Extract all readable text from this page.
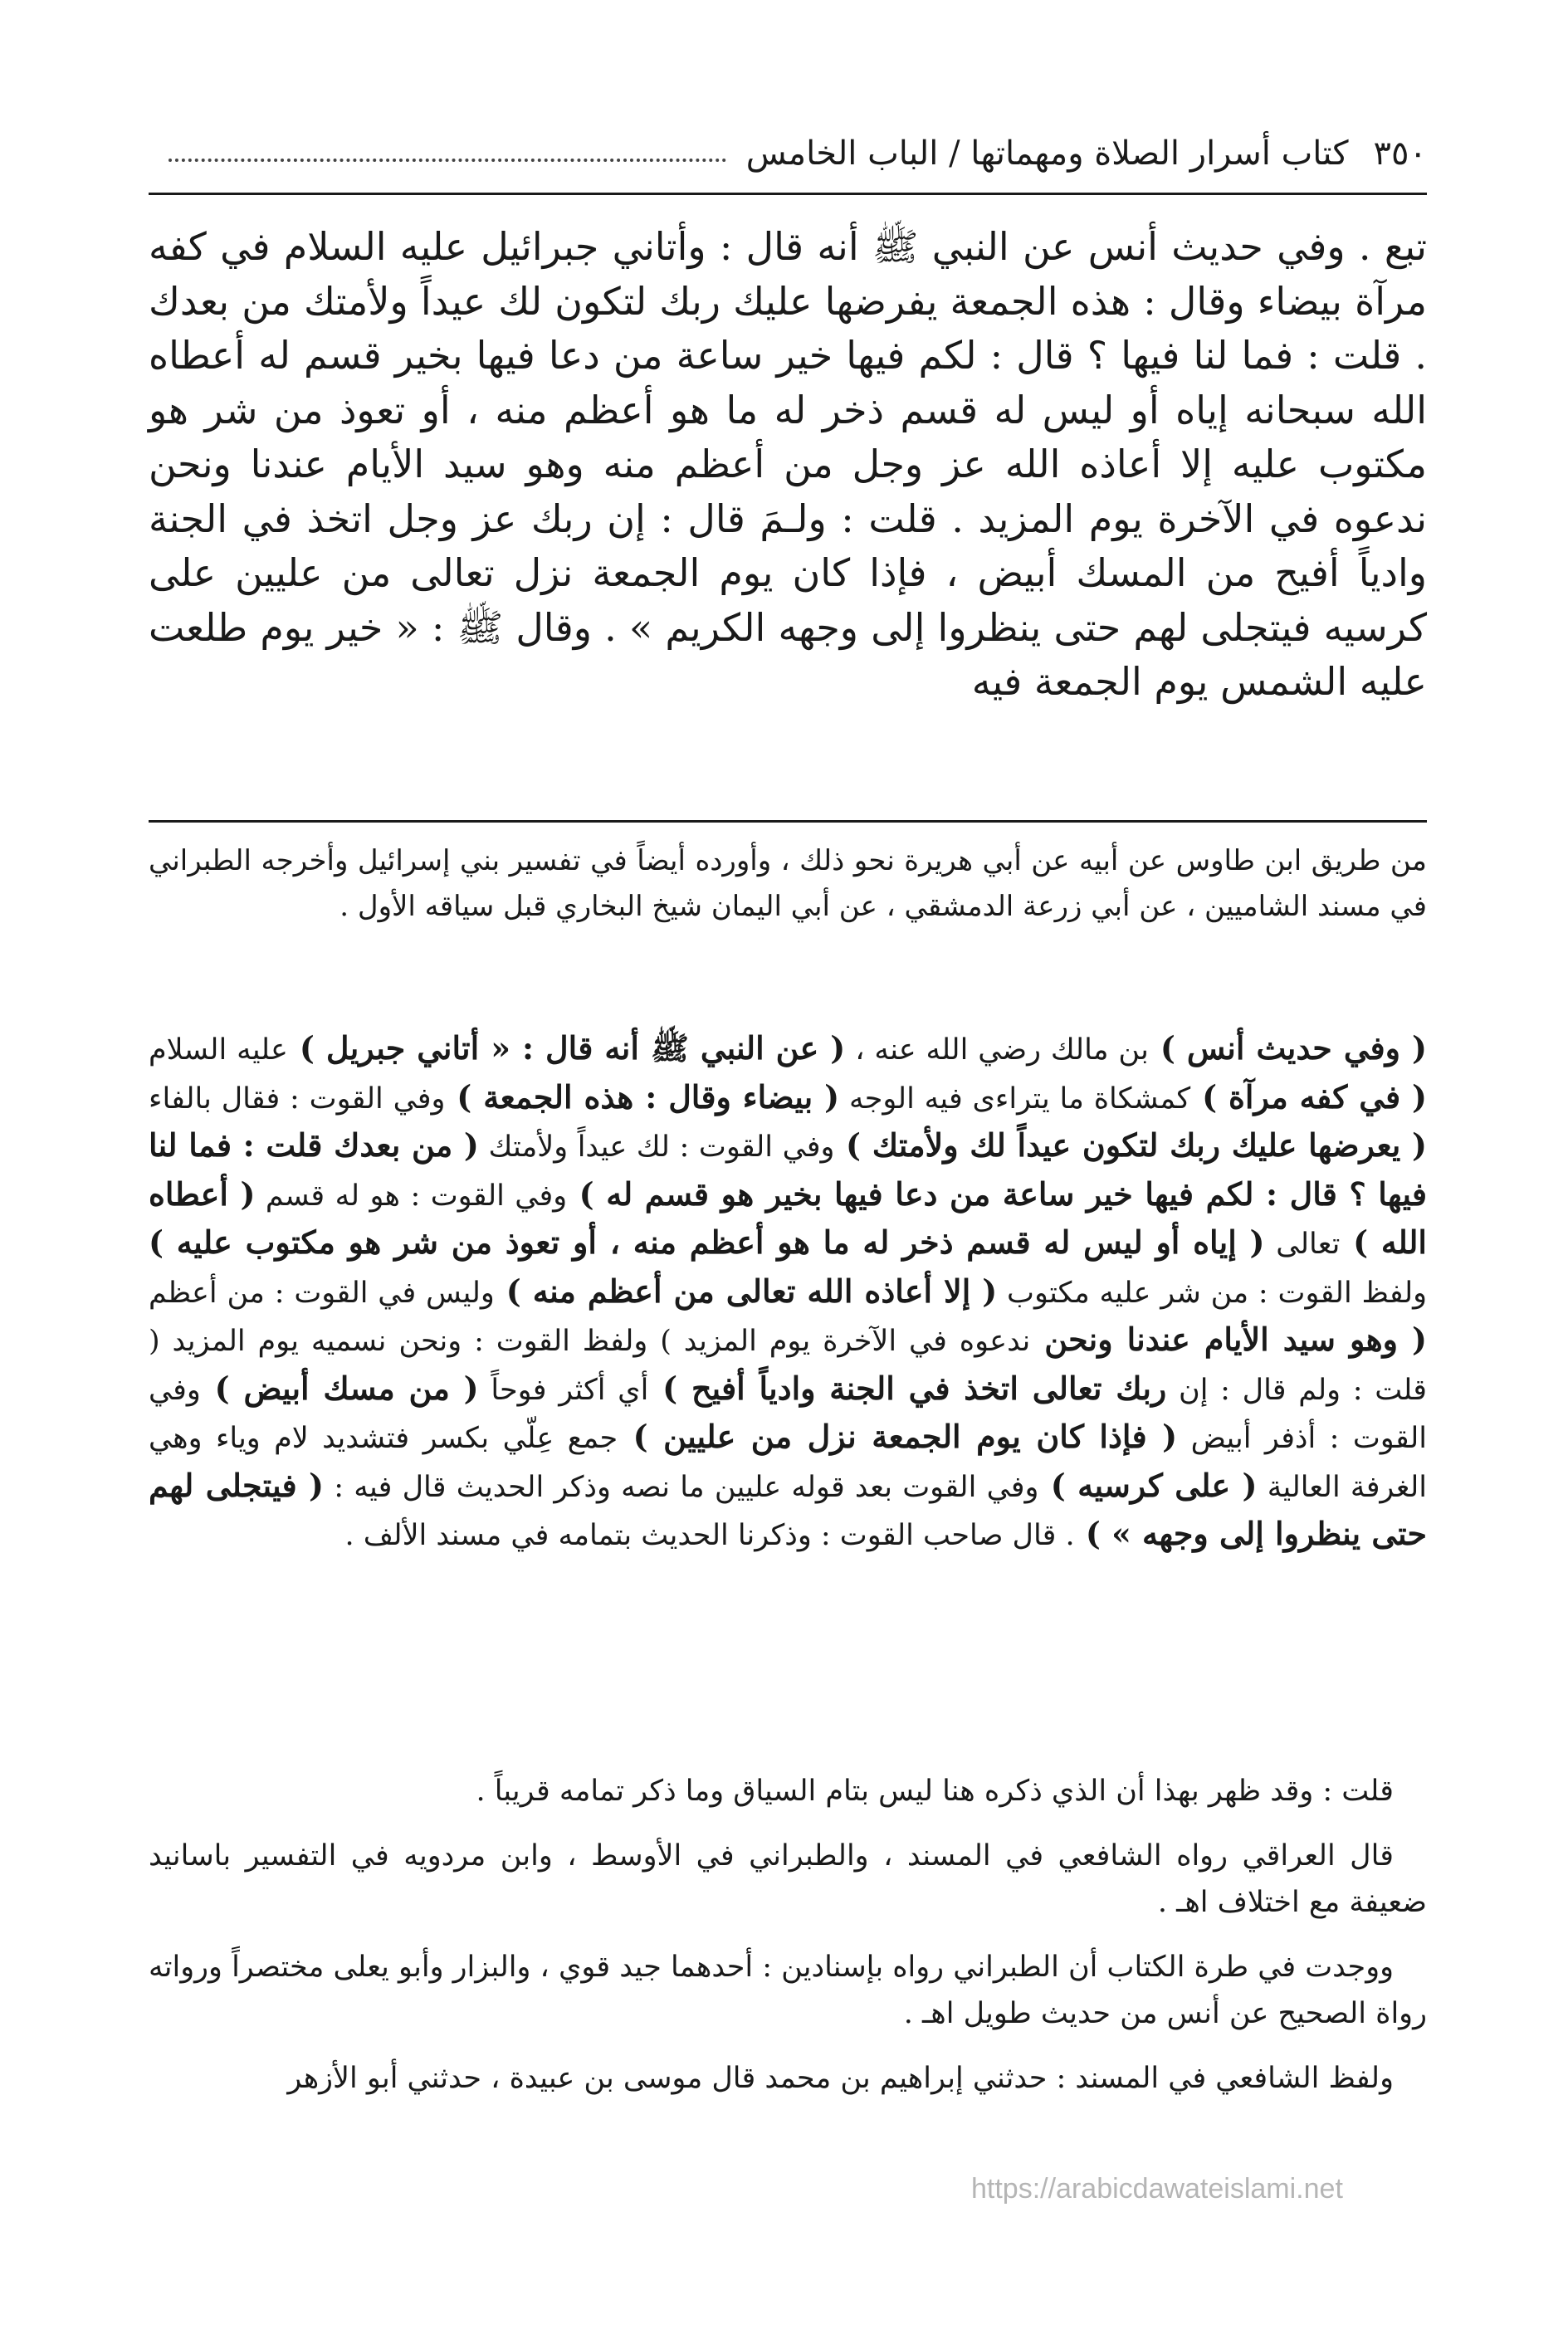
٣٥٠
كتاب أسرار الصلاة ومهماتها / الباب الخامس

تبع . وفي حديث أنس عن النبي ﷺ أنه قال : وأتاني جبرائيل عليه السلام في كفه مرآة بيضاء وقال : هذه الجمعة يفرضها عليك ربك لتكون لك عيداً ولأمتك من بعدك . قلت : فما لنا فيها ؟ قال : لكم فيها خير ساعة من دعا فيها بخير قسم له أعطاه الله سبحانه إياه أو ليس له قسم ذخر له ما هو أعظم منه ، أو تعوذ من شر هو مكتوب عليه إلا أعاذه الله عز وجل من أعظم منه وهو سيد الأيام عندنا ونحن ندعوه في الآخرة يوم المزيد . قلت : ولـمَ قال : إن ربك عز وجل اتخذ في الجنة وادياً أفيح من المسك أبيض ، فإذا كان يوم الجمعة نزل تعالى من عليين على كرسيه فيتجلى لهم حتى ينظروا إلى وجهه الكريم » . وقال ﷺ : « خير يوم طلعت عليه الشمس يوم الجمعة فيه

من طريق ابن طاوس عن أبيه عن أبي هريرة نحو ذلك ، وأورده أيضاً في تفسير بني إسرائيل وأخرجه الطبراني في مسند الشاميين ، عن أبي زرعة الدمشقي ، عن أبي اليمان شيخ البخاري قبل سياقه الأول .

( وفي حديث أنس ) بن مالك رضي الله عنه ، ( عن النبي ﷺ أنه قال : « أتاني جبريل ) عليه السلام ( في كفه مرآة ) كمشكاة ما يتراءى فيه الوجه ( بيضاء وقال : هذه الجمعة ) وفي القوت : فقال بالفاء ( يعرضها عليك ربك لتكون عيداً لك ولأمتك ) وفي القوت : لك عيداً ولأمتك ( من بعدك قلت : فما لنا فيها ؟ قال : لكم فيها خير ساعة من دعا فيها بخير هو قسم له ) وفي القوت : هو له قسم ( أعطاه الله ) تعالى ( إياه أو ليس له قسم ذخر له ما هو أعظم منه ، أو تعوذ من شر هو مكتوب عليه ) ولفظ القوت : من شر عليه مكتوب ( إلا أعاذه الله تعالى من أعظم منه ) وليس في القوت : من أعظم ( وهو سيد الأيام عندنا ونحن ندعوه في الآخرة يوم المزيد ) ولفظ القوت : ونحن نسميه يوم المزيد ( قلت : ولم قال : إن ربك تعالى اتخذ في الجنة وادياً أفيح ) أي أكثر فوحاً ( من مسك أبيض ) وفي القوت : أذفر أبيض ( فإذا كان يوم الجمعة نزل من عليين ) جمع عِلّي بكسر فتشديد لام وياء وهي الغرفة العالية ( على كرسيه ) وفي القوت بعد قوله عليين ما نصه وذكر الحديث قال فيه : ( فيتجلى لهم حتى ينظروا إلى وجهه » ) . قال صاحب القوت : وذكرنا الحديث بتمامه في مسند الألف .

قلت : وقد ظهر بهذا أن الذي ذكره هنا ليس بتام السياق وما ذكر تمامه قريباً .

قال العراقي رواه الشافعي في المسند ، والطبراني في الأوسط ، وابن مردويه في التفسير باسانيد ضعيفة مع اختلاف اهـ .

ووجدت في طرة الكتاب أن الطبراني رواه بإسنادين : أحدهما جيد قوي ، والبزار وأبو يعلى مختصراً ورواته رواة الصحيح عن أنس من حديث طويل اهـ .

ولفظ الشافعي في المسند : حدثني إبراهيم بن محمد قال موسى بن عبيدة ، حدثني أبو الأزهر

https://arabicdawateislami.net
